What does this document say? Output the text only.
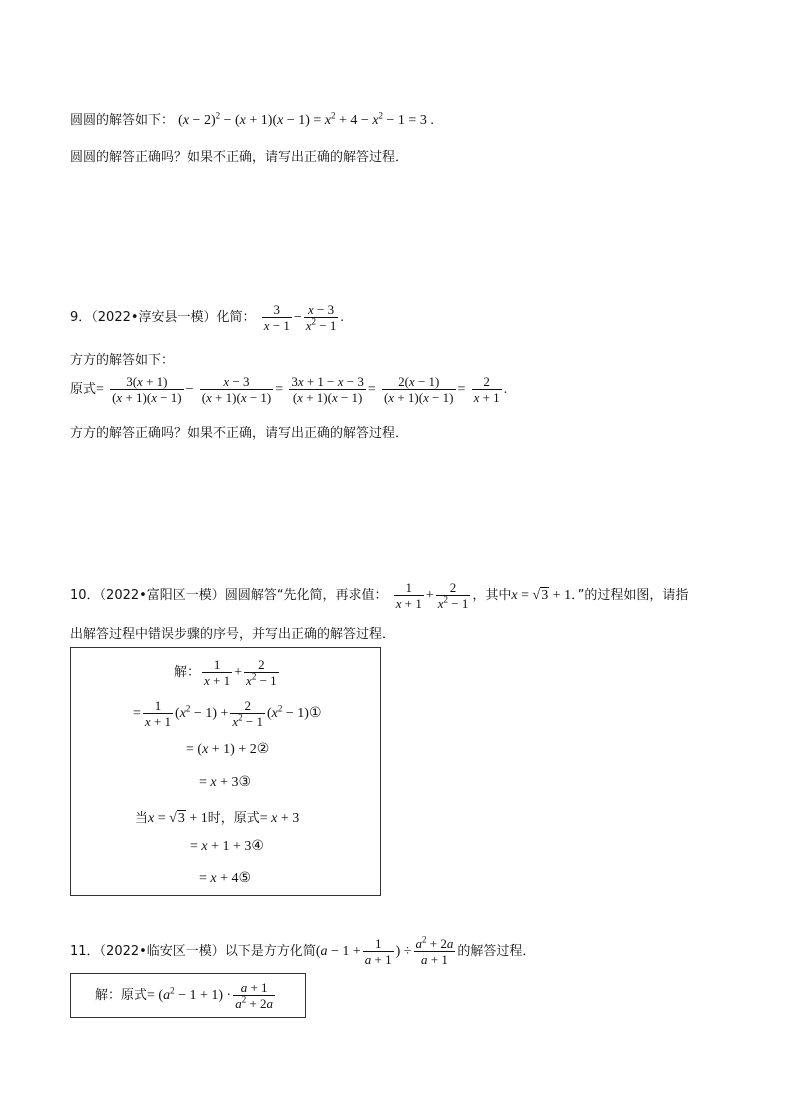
圆圆的解答如下： $(x - 2)^2 - (x + 1)(x - 1) = x^2 + 4 - x^2 - 1 = 3$ .
圆圆的解答正确吗？如果不正确，请写出正确的解答过程．
9．（2022•淳安县一模）化简： $\frac{3}{x - 1} - \frac{x - 3}{x^2 - 1}$ .
方方的解答如下：
原式= $\frac{3(x + 1)}{(x + 1)(x - 1)} - \frac{x - 3}{(x + 1)(x - 1)} = \frac{3x + 1 - x - 3}{(x + 1)(x - 1)} = \frac{2(x - 1)}{(x + 1)(x - 1)} = \frac{2}{x + 1}$ .
方方的解答正确吗？如果不正确，请写出正确的解答过程．
10．（2022•富阳区一模）圆圆解答“先化简，再求值： $\frac{1}{x + 1} + \frac{2}{x^2 - 1}$ ，其中x = √3 + 1．”的过程如图，请指
出解答过程中错误步骤的序号，并写出正确的解答过程．
解： $\frac{1}{x + 1} + \frac{2}{x^2 - 1}$
= $\frac{1}{x + 1} (x^2 - 1) + \frac{2}{x^2 - 1} (x^2$ − 1)①
= (x + 1) + 2②
= x + 3③
当x = √3 + 1时，原式= x + 3
= x + 1 + 3④
= x + 4⑤
11．（2022•临安区一模）以下是方方化简($a - 1 + \frac{1}{a + 1}$ ) ÷ $\frac{a^2 + 2a}{a + 1}$ 的解答过程．
解：原式= $(a^2 - 1 + 1) \cdot \frac{a + 1}{a^2 + 2a}$
